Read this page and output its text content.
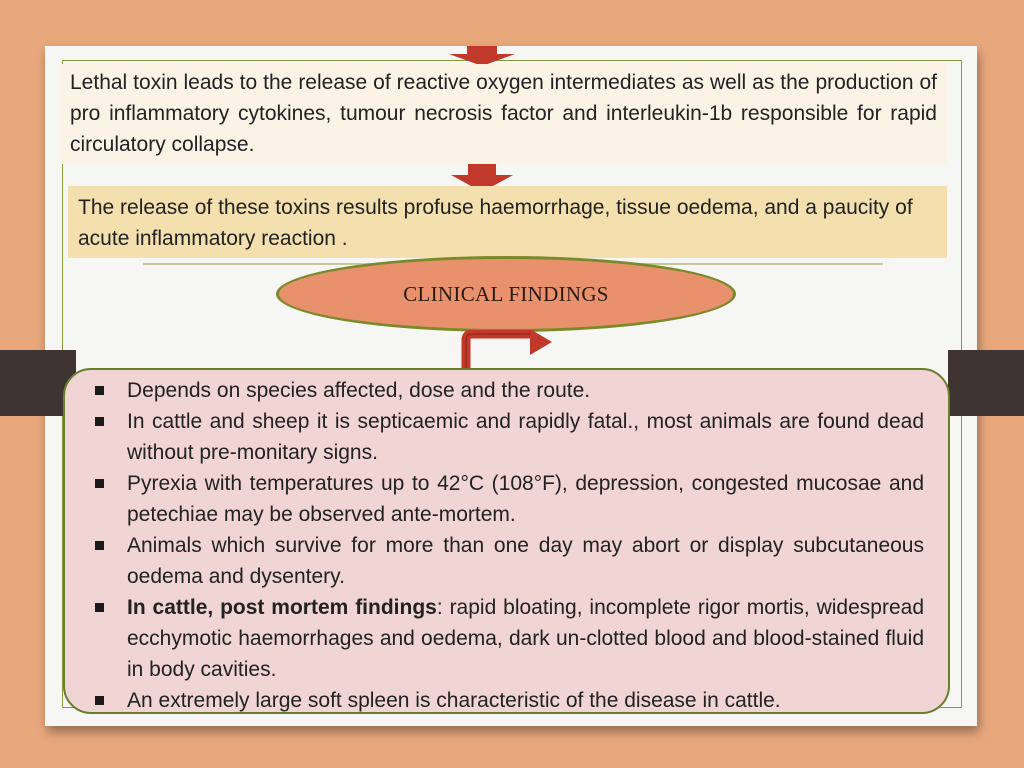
Lethal toxin leads to the release of reactive oxygen intermediates as well as the production of pro inflammatory cytokines, tumour necrosis factor and interleukin-1b responsible for rapid circulatory collapse.
The release of these toxins results profuse haemorrhage, tissue oedema, and a paucity of acute inflammatory reaction .
CLINICAL FINDINGS
Depends on species affected, dose and the route.
In cattle and sheep it is septicaemic and rapidly fatal., most animals are found dead without pre-monitary signs.
Pyrexia with temperatures up to 42°C (108°F), depression, congested mucosae and petechiae may be observed ante-mortem.
Animals which survive for more than one day may abort or display subcutaneous oedema and dysentery.
In cattle, post mortem findings: rapid bloating, incomplete rigor mortis, widespread ecchymotic haemorrhages and oedema, dark un-clotted blood and blood-stained fluid in body cavities.
An extremely large soft spleen is characteristic of the disease in cattle.
